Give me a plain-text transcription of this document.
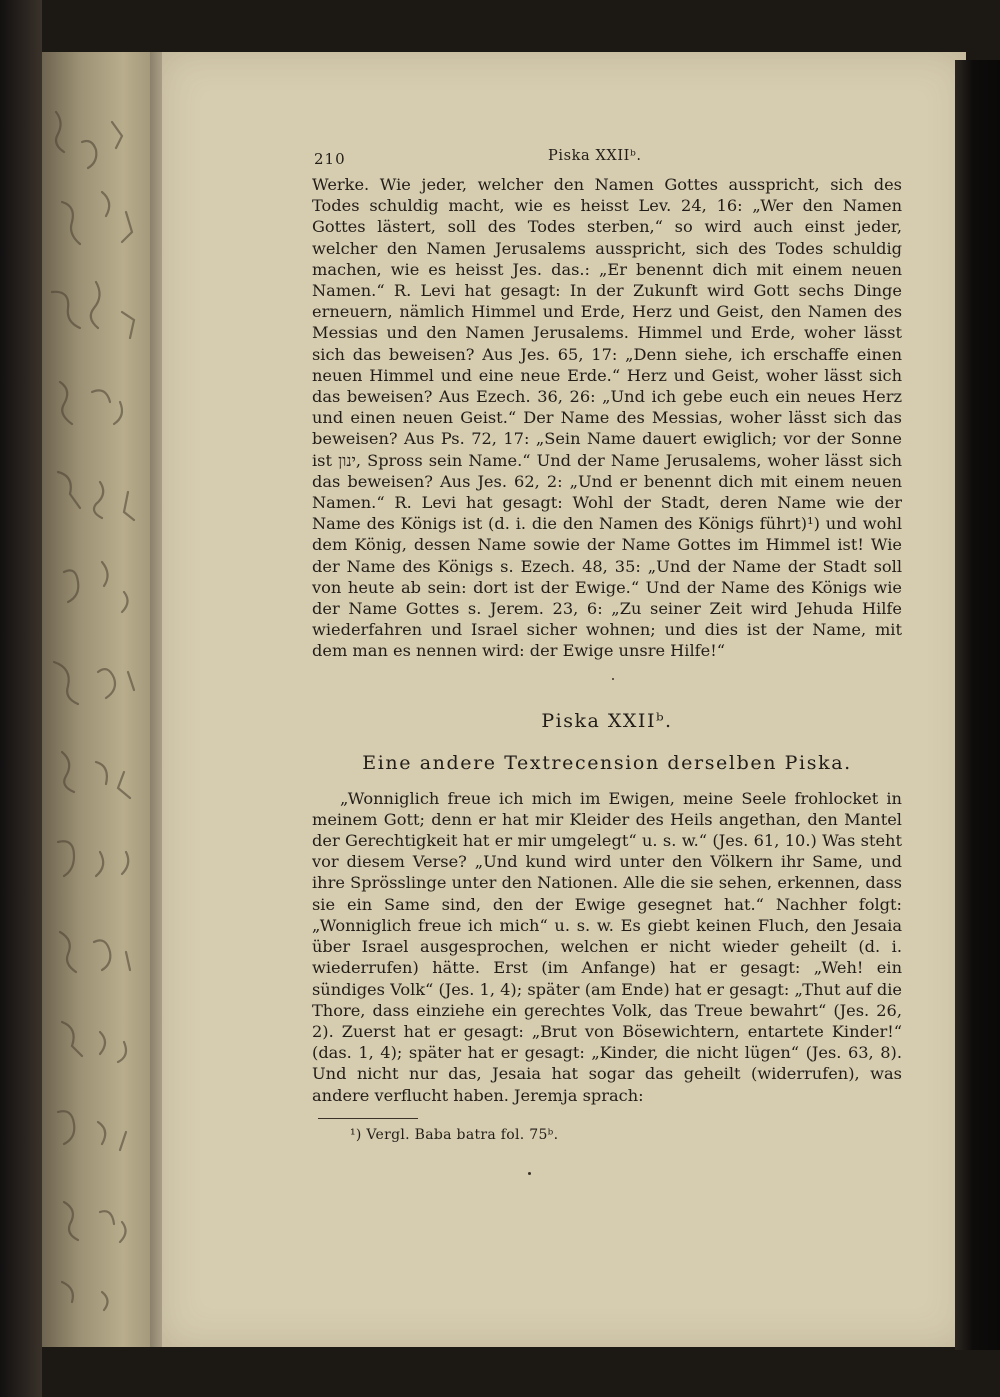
210	Piska XXIIᵇ.

Werke. Wie jeder, welcher den Namen Gottes ausspricht, sich des Todes schuldig macht, wie es heisst Lev. 24, 16: „Wer den Namen Gottes lästert, soll des Todes sterben,“ so wird auch einst jeder, welcher den Namen Jerusalems ausspricht, sich des Todes schuldig machen, wie es heisst Jes. das.: „Er benennt dich mit einem neuen Namen.“ R. Levi hat gesagt: In der Zukunft wird Gott sechs Dinge erneuern, nämlich Himmel und Erde, Herz und Geist, den Namen des Messias und den Namen Jerusalems. Himmel und Erde, woher lässt sich das beweisen? Aus Jes. 65, 17: „Denn siehe, ich erschaffe einen neuen Himmel und eine neue Erde.“ Herz und Geist, woher lässt sich das beweisen? Aus Ezech. 36, 26: „Und ich gebe euch ein neues Herz und einen neuen Geist.“ Der Name des Messias, woher lässt sich das beweisen? Aus Ps. 72, 17: „Sein Name dauert ewiglich; vor der Sonne ist ינון, Spross sein Name.“ Und der Name Jerusalems, woher lässt sich das beweisen? Aus Jes. 62, 2: „Und er benennt dich mit einem neuen Namen.“ R. Levi hat gesagt: Wohl der Stadt, deren Name wie der Name des Königs ist (d. i. die den Namen des Königs führt)¹) und wohl dem König, dessen Name sowie der Name Gottes im Himmel ist! Wie der Name des Königs s. Ezech. 48, 35: „Und der Name der Stadt soll von heute ab sein: dort ist der Ewige.“ Und der Name des Königs wie der Name Gottes s. Jerem. 23, 6: „Zu seiner Zeit wird Jehuda Hilfe wiederfahren und Israel sicher wohnen; und dies ist der Name, mit dem man es nennen wird: der Ewige unsre Hilfe!“

Piska XXIIᵇ.
Eine andere Textrecension derselben Piska.

„Wonniglich freue ich mich im Ewigen, meine Seele frohlocket in meinem Gott; denn er hat mir Kleider des Heils angethan, den Mantel der Gerechtigkeit hat er mir umgelegt“ u. s. w.“ (Jes. 61, 10.) Was steht vor diesem Verse? „Und kund wird unter den Völkern ihr Same, und ihre Sprösslinge unter den Nationen. Alle die sie sehen, erkennen, dass sie ein Same sind, den der Ewige gesegnet hat.“ Nachher folgt: „Wonniglich freue ich mich“ u. s. w. Es giebt keinen Fluch, den Jesaia über Israel ausgesprochen, welchen er nicht wieder geheilt (d. i. wiederrufen) hätte. Erst (im Anfange) hat er gesagt: „Weh! ein sündiges Volk“ (Jes. 1, 4); später (am Ende) hat er gesagt: „Thut auf die Thore, dass einziehe ein gerechtes Volk, das Treue bewahrt“ (Jes. 26, 2). Zuerst hat er gesagt: „Brut von Bösewichtern, entartete Kinder!“ (das. 1, 4); später hat er gesagt: „Kinder, die nicht lügen“ (Jes. 63, 8). Und nicht nur das, Jesaia hat sogar das geheilt (widerrufen), was andere verflucht haben. Jeremja sprach:

¹) Vergl. Baba batra fol. 75ᵇ.
